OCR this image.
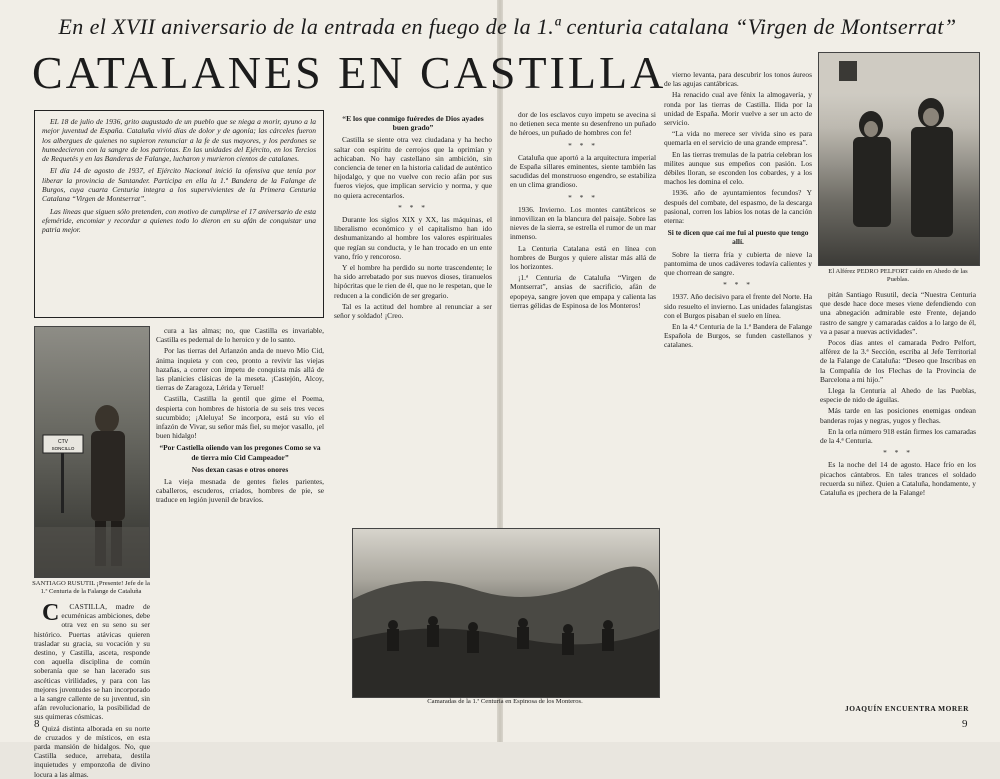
En el XVII aniversario de la entrada en fuego de la 1.ª centuria catalana “Virgen de Montserrat”
CATALANES EN CASTILLA

EL 18 de julio de 1936, grito augustado de un pueblo que se niega a morir, ayuno a la mejor juventud de España. Cataluña vivió días de dolor y de agonía; las cárceles fueron los albergues de quienes no supieron renunciar a la fe de sus mayores, y los perdones se humedecieron con la sangre de los patriotas. En las unidades del Ejército, en los Tercios de Requetés y en las Banderas de Falange, lucharon y murieron cientos de catalanes.

El día 14 de agosto de 1937, el Ejército Nacional inició la ofensiva que tenía por liberar la provincia de Santander. Participa en ella la 1.ª Bandera de la Falange de Burgos, cuya cuarta Centuria integra a los supervivientes de la Primera Centuria Catalana “Virgen de Montserrat”.

Las líneas que siguen sólo pretenden, con motivo de cumplirse el 17 aniversario de esta efeméride, encomiar y recordar a quienes todo lo dieron en su afán de conquistar una patria mejor.

CTV
SONCILLO
SANTIAGO RUSUTIL ¡Presente! Jefe de la 1.ª Centuria de la Falange de Cataluña

C CASTILLA, madre de ecuménicas ambiciones, debe otra vez en su seno su ser histórico. Puertas atávicas quieren trasladar su gracia, su vocación y su destino, y Castilla, asceta, responde con aquella disciplina de común soberanía que se han lacerado sus ascéticas virilidades, y para con las mejores juventudes se han incorporado a la sangre callente de su juventud, sin afán revolucionario, la posibilidad de sus quimeras cósmicas.

Quizá distinta alborada en su norte de cruzados y de místicos, en esta parda mansión de hidalgos. No, que Castilla seduce, arrebata, destila inquietudes y emponzoña de divino locura a las almas.

cura a las almas; no, que Castilla es invariable, Castilla es pedernal de lo heroico y de lo santo.

Por las tierras del Arlanzón anda de nuevo Mío Cid, ánima inquieta y con ceo, pronto a revivir las viejas hazañas, a correr con ímpetu de conquista más allá de las planicies clásicas de la meseta. ¡Castejón, Alcoy, tierras de Zaragoza, Lérida y Teruel!

Castilla, Castilla la gentil que gime el Poema, despierta con hombres de historia de su seis tres veces sucumbido; ¡Aleluya! Se incorpora, está su vío el infazón de Vivar, su señor más fiel, su mejor vasallo, ¡el buen hidalgo!

“Por Castiella oiiendo van los pregones Como se va de tierra mio Cid Campeador”

Nos dexan casas e otros onores

La vieja mesnada de gentes fieles parientes, caballeros, escuderos, criados, hombres de pie, se traduce en legión juvenil de bravíos.

“E los que conmigo fuéredes de Dios ayades buen grado”

Castilla se siente otra vez ciudadana y ha hecho saltar con espíritu de cerrojos que la oprimían y achicaban. No hay castellano sin ambición, sin conciencia de tener en la historia calidad de auténtico hijodalgo, y que no vuelve con recio afán por sus fueros viejos, que implican servicio y norma, y que no quiera acrecentarlos.

* * *

Durante los siglos XIX y XX, las máquinas, el liberalismo económico y el capitalismo han ido deshumanizando al hombre los valores espirituales que regían su conducta, y le han trocado en un ente vano, frío y rencoroso.

Y el hombre ha perdido su norte trascendente; le ha sido arrebatado por sus nuevos dioses, tiranuelos hipócritas que le rien de él, que no le respetan, que le reducen a la condición de ser gregario.

Tal es la actitud del hombre al renunciar a ser señor y soldado! ¡Creo.

dor de los esclavos cuyo impetu se avecina si no detienen seca mente su desenfreno un puñado de héroes, un puñado de hombres con fe!

* * *

Cataluña que aportó a la arquitectura imperial de España sillares eminentes, siente también las sacudidas del monstruoso engendro, se estabiliza en un clima grandioso.

* * *

1936. Invierno. Los montes cantábricos se inmovilizan en la blancura del paisaje. Sobre las nieves de la sierra, se estrella el rumor de un mar inmenso.

La Centuria Catalana está en línea con hombres de Burgos y quiere alistar más allá de los horizontes.

¡1.ª Centuria de Cataluña “Virgen de Montserrat”, ansias de sacrificio, afán de epopeya, sangre joven que empapa y calienta las tierras gélidas de Espinosa de los Monteros!

Camaradas de la 1.ª Centuria en Espinosa de los Monteros.

vierno levanta, para descubrir los tonos áureos de las agujas cantábricas.

Ha renacido cual ave fénix la almogavería, y ronda por las tierras de Castilla. Ilida por la unidad de España. Morir vuelve a ser un acto de servicio.

“La vida no merece ser vivida sino es para quemarla en el servicio de una grande empresa”.

En las tierras tremulas de la patria celebran los milites aunque sus empeños con pasión. Los débiles lloran, se esconden los cobardes, y a los machos les domina el celo.

1936. año de ayuntamientos fecundos? Y después del combate, del espasmo, de la descarga pasional, corren los labios los notas de la canción eterna:

Si te dicen que caí me fui al puesto que tengo allí.

Sobre la tierra fría y cubierta de nieve la pantomima de unos cadáveres todavía calientes y que chorrean de sangre.

* * *

1937. Año decisivo para el frente del Norte. Ha sido resuelto el invierno. Las unidades falangistas con el Burgos pisaban el suelo en línea.

En la 4.ª Centuria de la 1.ª Bandera de Falange Española de Burgos, se funden castellanos y catalanes.

El Alférez PEDRO PELFORT caído en Ahedo de las Pueblas.

pitán Santiago Rusutil, decía “Nuestra Centuria que desde hace doce meses viene defendiendo con una abnegación admirable este Frente, dejando rastro de sangre y camaradas caídos a lo largo de él, va a pasar a nuevas actividades”.

Pocos días antes el camarada Pedro Pelfort, alférez de la 3.ª Sección, escriba al Jefe Territorial de la Falange de Cataluña: “Deseo que Inscribas en la Compañía de los Flechas de la Provincia de Barcelona a mi hijo.”

Llega la Centuria al Ahedo de las Pueblas, especie de nido de águilas.

Más tarde en las posiciones enemigas ondean banderas rojas y negras, yugos y flechas.

En la orla número 918 están firmes los camaradas de la 4.ª Centuria.

* * *

Es la noche del 14 de agosto. Hace frío en los picachos cántabros. En tales trances el soldado recuerda su niñez. Quien a Cataluña, hondamente, y Cataluña es ¡pechera de la Falange!

JOAQUÍN ENCUENTRA MORER
8	9
